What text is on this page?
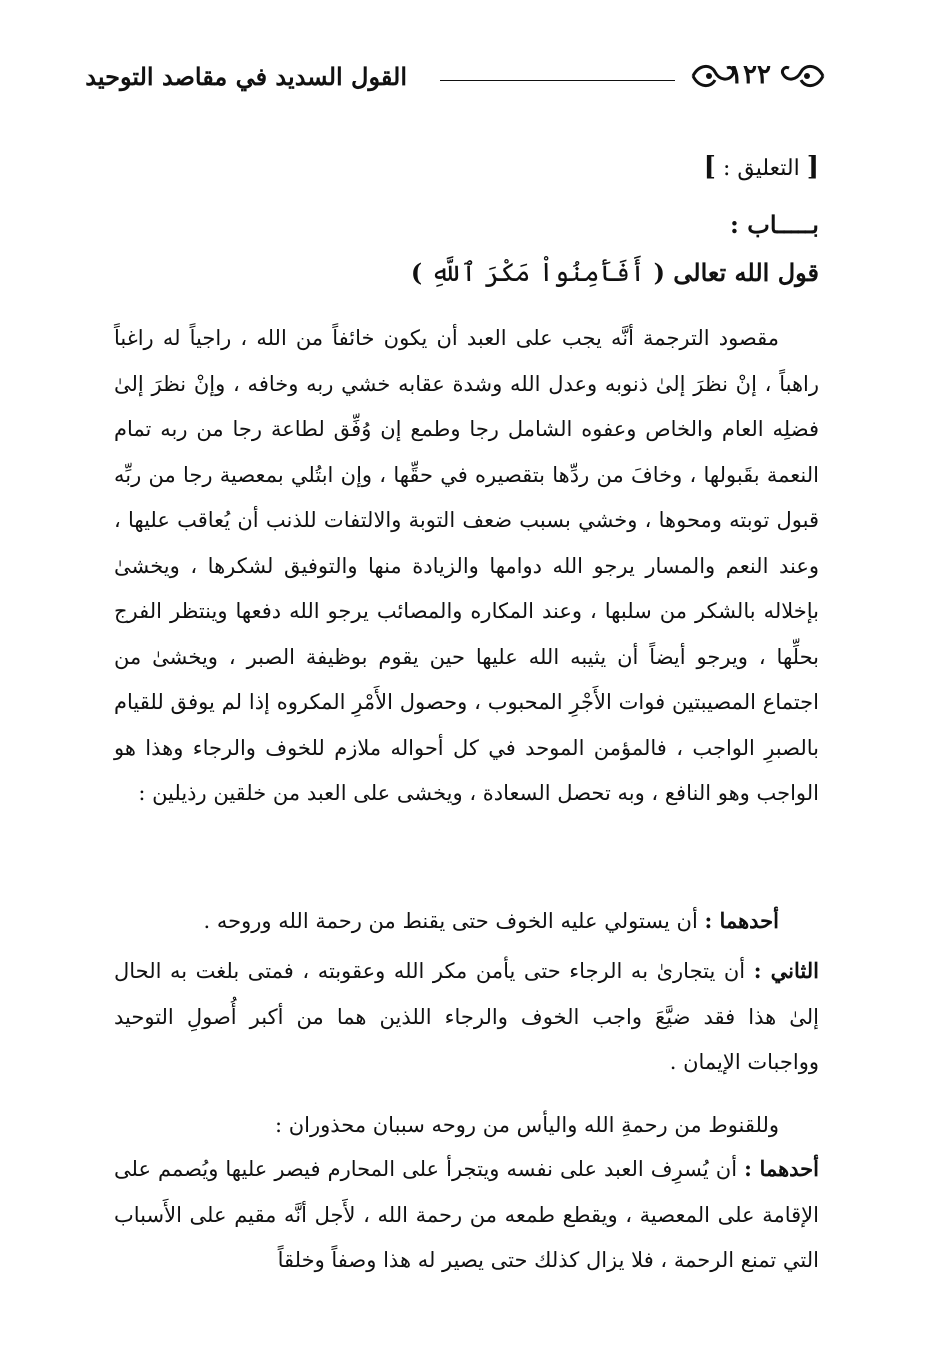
١٢٢
القول السديد في مقاصد التوحيد
[ التعليق : ]
بـــــاب :
قول الله تعالى ( أَفَأَمِنُواْ مَكْرَ ٱللَّهِ )

مقصود الترجمة أنَّه يجب على العبد أن يكون خائفاً من الله ، راجياً له راغباً راهباً ، إنْ نظرَ إلىٰ ذنوبه وعدل الله وشدة عقابه خشي ربه وخافه ، وإنْ نظرَ إلىٰ فضلِه العام والخاص وعفوه الشامل رجا وطمع إن وُفِّق لطاعة رجا من ربه تمام النعمة بقَبولها ، وخافَ من ردِّها بتقصيره في حقِّها ، وإن ابتُلي بمعصية رجا من ربِّه قبول توبته ومحوها ، وخشي بسبب ضعف التوبة والالتفات للذنب أن يُعاقب عليها ، وعند النعم والمسار يرجو الله دوامها والزيادة منها والتوفيق لشكرها ، ويخشىٰ بإخلاله بالشكر من سلبها ، وعند المكاره والمصائب يرجو الله دفعها وينتظر الفرج بحلِّها ، ويرجو أيضاً أن يثيبه الله عليها حين يقوم بوظيفة الصبر ، ويخشىٰ من اجتماع المصيبتين فوات الأَجْرِ المحبوب ، وحصول الأَمْرِ المكروه إذا لم يوفق للقيام بالصبرِ الواجب ، فالمؤمن الموحد في كل أحواله ملازم للخوف والرجاء وهذا هو الواجب وهو النافع ، وبه تحصل السعادة ، ويخشى على العبد من خلقين رذيلين :

أحدهما : أن يستولي عليه الخوف حتى يقنط من رحمة الله وروحه .

الثاني : أن يتجارىٰ به الرجاء حتى يأمن مكر الله وعقوبته ، فمتى بلغت به الحال إلىٰ هذا فقد ضيَّعَ واجب الخوف والرجاء اللذين هما من أكبر أُصولِ التوحيد وواجبات الإيمان .

وللقنوط من رحمةِ الله واليأس من روحه سببان محذوران :

أحدهما : أن يُسرِف العبد على نفسه ويتجرأ على المحارم فيصر عليها ويُصمم على الإقامة على المعصية ، ويقطع طمعه من رحمة الله ، لأَجل أنَّه مقيم على الأَسباب التي تمنع الرحمة ، فلا يزال كذلك حتى يصير له هذا وصفاً وخلقاً
